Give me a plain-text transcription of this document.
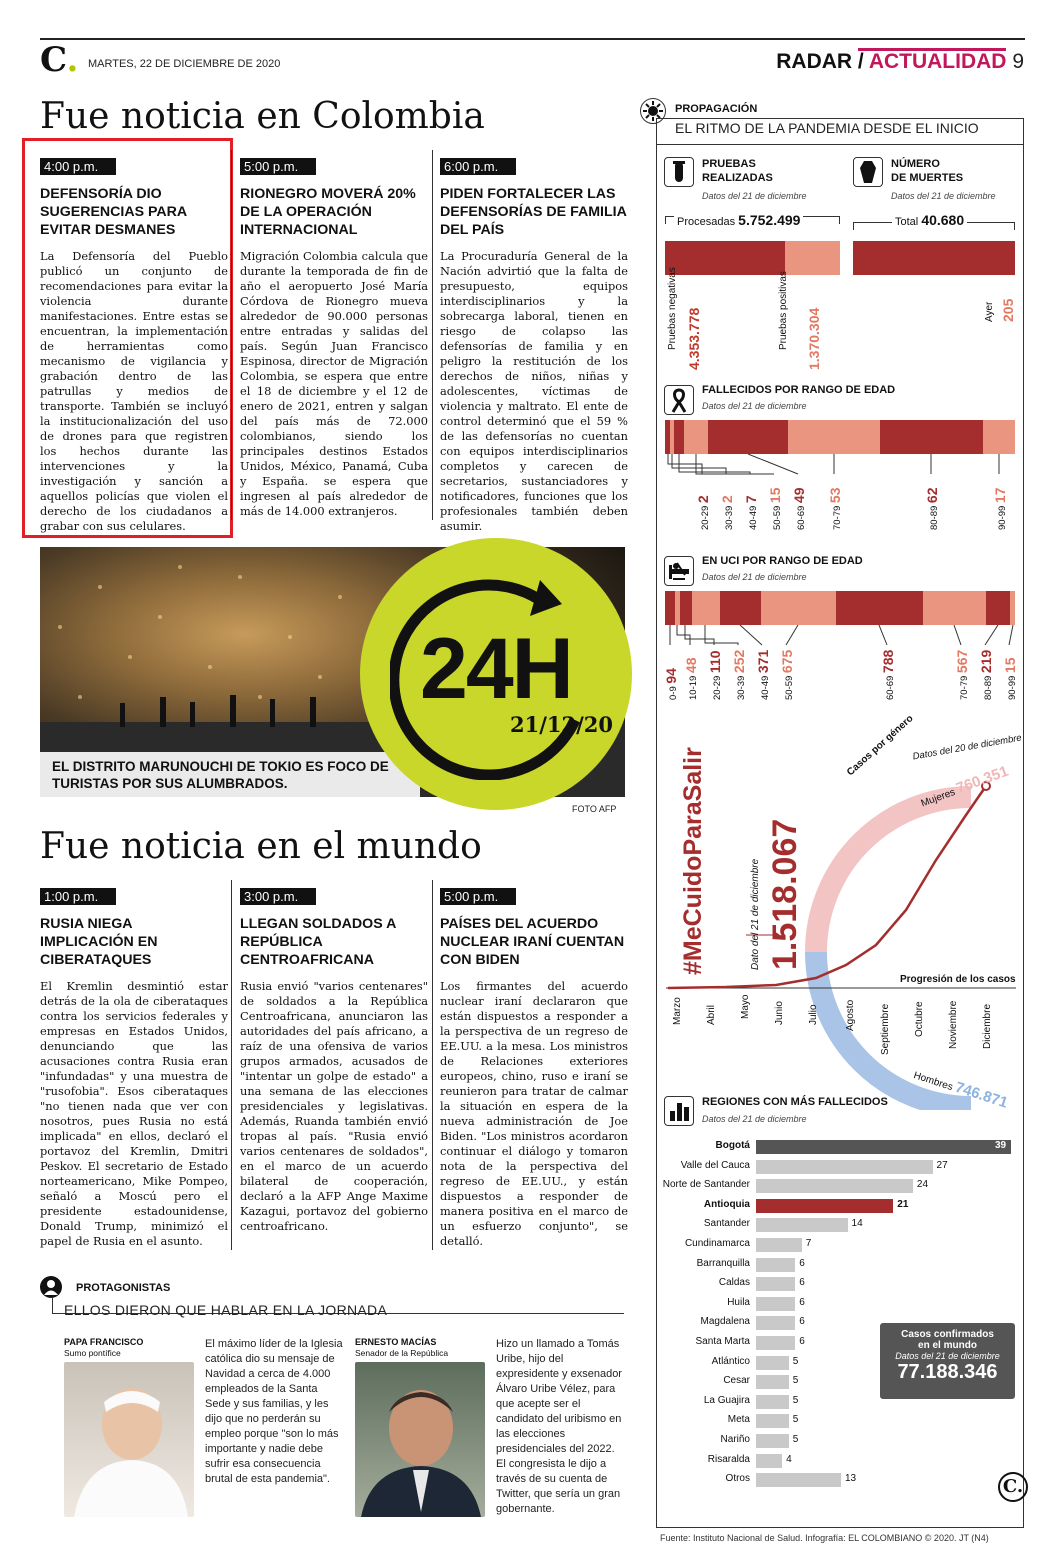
C. MARTES, 22 DE DICIEMBRE DE 2020	RADAR / ACTUALIDAD 9
Fue noticia en Colombia
4:00 p.m.
DEFENSORÍA DIO SUGERENCIAS PARA EVITAR DESMANES

La Defensoría del Pueblo publicó un conjunto de recomendaciones para evitar la violencia durante manifestaciones. Entre estas se encuentran, la implementación de herramientas como mecanismo de vigilancia y grabación dentro de las patrullas y medios de transporte. También se incluyó la institucionalización del uso de drones para que registren los hechos durante las intervenciones y la investigación y sanción a aquellos policías que violen el derecho de los ciudadanos a grabar con sus celulares.

5:00 p.m.
RIONEGRO MOVERÁ 20% DE LA OPERACIÓN INTERNACIONAL

Migración Colombia calcula que durante la temporada de fin de año el aeropuerto José María Córdova de Rionegro mueva alrededor de 90.000 personas entre entradas y salidas del país. Según Juan Francisco Espinosa, director de Migración Colombia, se espera que entre el 18 de diciembre y el 12 de enero de 2021, entren y salgan del país más de 72.000 colombianos, siendo los principales destinos Estados Unidos, México, Panamá, Cuba y España. se espera que ingresen al país alrededor de más de 14.000 extranjeros.

6:00 p.m.
PIDEN FORTALECER LAS DEFENSORÍAS DE FAMILIA DEL PAÍS

La Procuraduría General de la Nación advirtió que la falta de presupuesto, equipos interdisciplinarios y la sobrecarga laboral, tienen en riesgo de colapso las defensorías de familia y en peligro la restitución de los derechos de niños, niñas y adolescentes, víctimas de violencia y maltrato. El ente de control determinó que el 59 % de las defensorías no cuentan con equipos interdisciplinarios completos y carecen de secretarios, sustanciadores y notificadores, funciones que los profesionales también deben asumir.

EL DISTRITO MARUNOUCHI DE TOKIO ES FOCO DE TURISTAS POR SUS ALUMBRADOS.
24H
21/12/20
FOTO AFP
Fue noticia en el mundo
1:00 p.m.
RUSIA NIEGA IMPLICACIÓN EN CIBERATAQUES

El Kremlin desmintió estar detrás de la ola de ciberataques contra los servicios federales y empresas en Estados Unidos, denunciando que las acusaciones contra Rusia eran "infundadas" y una muestra de "rusofobia". Esos ciberataques "no tienen nada que ver con nosotros, pues Rusia no está implicada" en ellos, declaró el portavoz del Kremlin, Dmitri Peskov. El secretario de Estado norteamericano, Mike Pompeo, señaló a Moscú pero el presidente estadounidense, Donald Trump, minimizó el papel de Rusia en el asunto.

3:00 p.m.
LLEGAN SOLDADOS A REPÚBLICA CENTROAFRICANA

Rusia envió "varios centenares" de soldados a la República Centroafricana, anunciaron las autoridades del país africano, a raíz de una ofensiva de varios grupos armados, acusados de "intentar un golpe de estado" a una semana de las elecciones presidenciales y legislativas. Además, Ruanda también envió tropas al país. "Rusia envió varios centenares de soldados", en el marco de un acuerdo bilateral de cooperación, declaró a la AFP Ange Maxime Kazagui, portavoz del gobierno centroafricano.

5:00 p.m.
PAÍSES DEL ACUERDO NUCLEAR IRANÍ CUENTAN CON BIDEN

Los firmantes del acuerdo nuclear iraní declararon que están dispuestos a responder a la perspectiva de un regreso de EE.UU. a la mesa. Los ministros de Relaciones exteriores europeos, chino, ruso e iraní se reunieron para tratar de calmar la situación en espera de la nueva administración de Joe Biden. "Los ministros acordaron continuar el diálogo y tomaron nota de la perspectiva del regreso de EE.UU., y están dispuestos a responder de manera positiva en el marco de un esfuerzo conjunto", se detalló.

PROTAGONISTAS
ELLOS DIERON QUE HABLAR EN LA JORNADA
PAPA FRANCISCO
Sumo pontífice
El máximo líder de la Iglesia católica dio su mensaje de Navidad a cerca de 4.000 empleados de la Santa Sede y sus familias, y les dijo que no perderán su empleo porque "son lo más importante y nadie debe sufrir esa consecuencia brutal de esta pandemia".
ERNESTO MACÍAS
Senador de la República
Hizo un llamado a Tomás Uribe, hijo del expresidente y exsenador Álvaro Uribe Vélez, para que acepte ser el candidato del uribismo en las elecciones presidenciales del 2022. El congresista le dijo a través de su cuenta de Twitter, que sería un gran gobernante.
PROPAGACIÓN
EL RITMO DE LA PANDEMIA DESDE EL INICIO
PRUEBAS
REALIZADAS
Datos del 21 de diciembre
Procesadas 5.752.499
Pruebas negativas 4.353.778	Pruebas positivas 1.370.304
NÚMERO
DE MUERTES
Datos del 21 de diciembre
Total 40.680
Ayer 205
FALLECIDOS POR RANGO DE EDAD
Datos del 21 de diciembre
20-29 2
30-39 2
40-49 7
50-59 15
60-69 49
70-79 53
80-89 62
90-99 17
EN UCI POR RANGO DE EDAD
Datos del 21 de diciembre
0-9 94 10-19 48
20-29 110
30-39 252
40-49 371
50-59 675
60-69 788
70-79 567
80-89 219
90-99 15
#MeCuidoParaSalir	Dato del 21 de diciembre 1.518.067
Casos por género
Datos del 20 de diciembre
Mujeres 760.351
Hombres 746.871
Progresión de los casos
Marzo Abril Mayo Junio Julio	Agosto Septiembre Octubre Noviembre Diciembre
REGIONES CON MÁS FALLECIDOS
Datos del 21 de diciembre
Bogotá	39
Valle del Cauca	27
Norte de Santander	24
Antioquia	21
Santander	14
Cundinamarca	7
Barranquilla	6
Caldas	6
Huila	6
Magdalena	6
Santa Marta	6
Atlántico	5
Cesar	5
La Guajira	5
Meta	5
Nariño	5
Risaralda	4
Otros	13
Casos confirmados
en el mundo
Datos del 21 de diciembre
77.188.346
C.
Fuente: Instituto Nacional de Salud. Infografía: EL COLOMBIANO © 2020. JT (N4)
